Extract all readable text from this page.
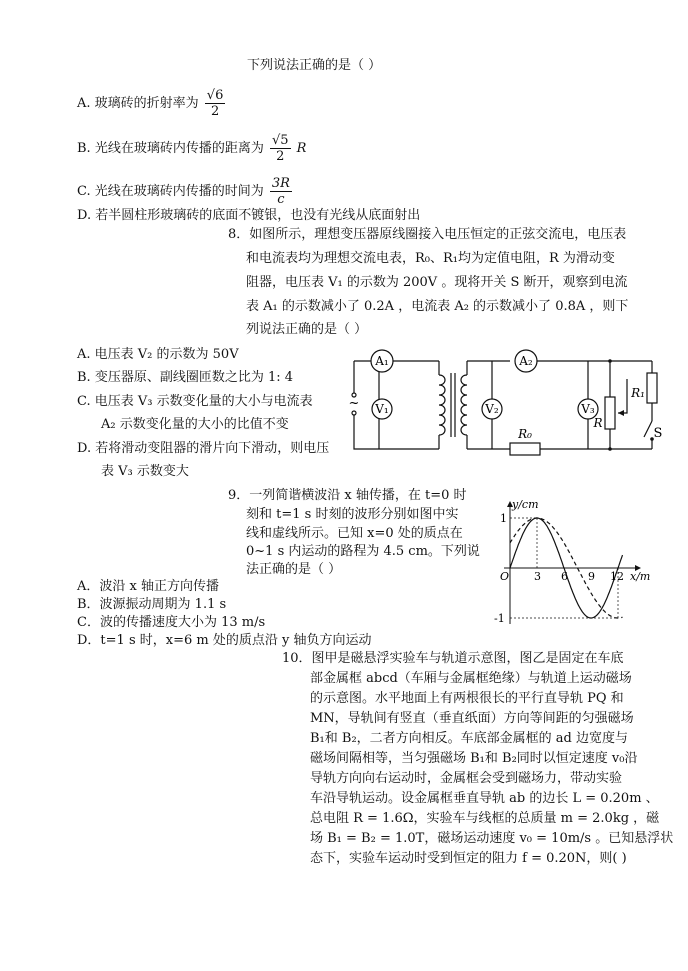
下列说法正确的是（ ）
A. 玻璃砖的折射率为 $\frac{√6}{2}$
B. 光线在玻璃砖内传播的距离为 $\frac{√5}{2}$ R
C. 光线在玻璃砖内传播的时间为 $\frac{3R}{c}$
D. 若半圆柱形玻璃砖的底面不镀银，也没有光线从底面射出
8．如图所示，理想变压器原线圈接入电压恒定的正弦交流电，电压表
和电流表均为理想交流电表，R₀、R₁均为定值电阻，R 为滑动变
阻器，电压表 V₁ 的示数为 200V 。现将开关 S 断开，观察到电流
表 A₁ 的示数减小了 0.2A ，电流表 A₂ 的示数减小了 0.8A ，则下
列说法正确的是（ ）
A. 电压表 V₂ 的示数为 50V
B. 变压器原、副线圈匝数之比为 1: 4
C. 电压表 V₃ 示数变化量的大小与电流表
A₂ 示数变化量的大小的比值不变
D. 若将滑动变阻器的滑片向下滑动，则电压
表 V₃ 示数变大
A₁	A₂
V₁	V₂	V₃
R₀
R₁
R
S
~
9．一列简谐横波沿 x 轴传播，在 t=0 时
刻和 t=1 s 时刻的波形分别如图中实
线和虚线所示。已知 x=0 处的质点在
0~1 s 内运动的路程为 4.5 cm。下列说
法正确的是（ ）
A．波沿 x 轴正方向传播
B．波源振动周期为 1.1 s
C．波的传播速度大小为 13 m/s
D．t=1 s 时，x=6 m 处的质点沿 y 轴负方向运动
y/cm
x/m
O 3 6 9 12
1
-1
10．图甲是磁悬浮实验车与轨道示意图，图乙是固定在车底
部金属框 abcd（车厢与金属框绝缘）与轨道上运动磁场
的示意图。水平地面上有两根很长的平行直导轨 PQ 和
MN，导轨间有竖直（垂直纸面）方向等间距的匀强磁场
B₁和 B₂，二者方向相反。车底部金属框的 ad 边宽度与
磁场间隔相等，当匀强磁场 B₁和 B₂同时以恒定速度 v₀沿
导轨方向向右运动时，金属框会受到磁场力，带动实验
车沿导轨运动。设金属框垂直导轨 ab 的边长 L = 0.20m 、
总电阻 R = 1.6Ω，实验车与线框的总质量 m = 2.0kg ，磁
场 B₁ = B₂ = 1.0T，磁场运动速度 v₀ = 10m/s 。已知悬浮状
态下，实验车运动时受到恒定的阻力 f = 0.20N，则( )
